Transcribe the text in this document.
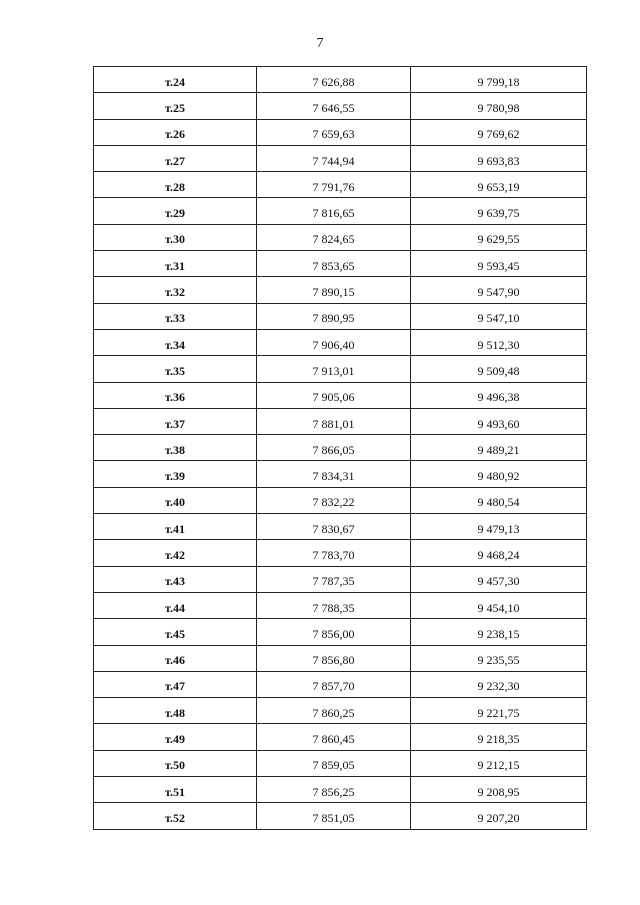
7
т.24	7 626,88	9 799,18
т.25	7 646,55	9 780,98
т.26	7 659,63	9 769,62
т.27	7 744,94	9 693,83
т.28	7 791,76	9 653,19
т.29	7 816,65	9 639,75
т.30	7 824,65	9 629,55
т.31	7 853,65	9 593,45
т.32	7 890,15	9 547,90
т.33	7 890,95	9 547,10
т.34	7 906,40	9 512,30
т.35	7 913,01	9 509,48
т.36	7 905,06	9 496,38
т.37	7 881,01	9 493,60
т.38	7 866,05	9 489,21
т.39	7 834,31	9 480,92
т.40	7 832,22	9 480,54
т.41	7 830,67	9 479,13
т.42	7 783,70	9 468,24
т.43	7 787,35	9 457,30
т.44	7 788,35	9 454,10
т.45	7 856,00	9 238,15
т.46	7 856,80	9 235,55
т.47	7 857,70	9 232,30
т.48	7 860,25	9 221,75
т.49	7 860,45	9 218,35
т.50	7 859,05	9 212,15
т.51	7 856,25	9 208,95
т.52	7 851,05	9 207,20
